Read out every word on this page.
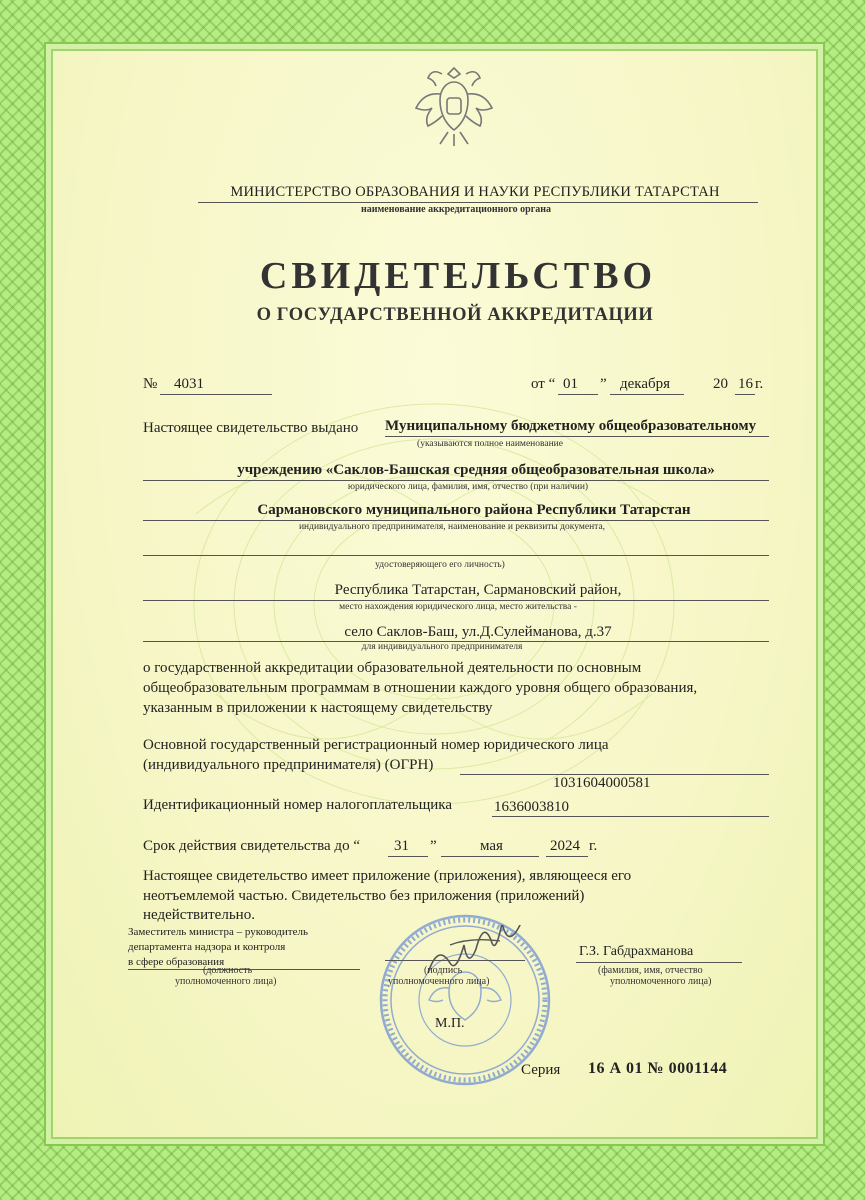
МИНИСТЕРСТВО ОБРАЗОВАНИЯ И НАУКИ РЕСПУБЛИКИ ТАТАРСТАН
наименование аккредитационного органа
СВИДЕТЕЛЬСТВО
О ГОСУДАРСТВЕННОЙ АККРЕДИТАЦИИ
№ 4031	от “ 01 ” декабря	20 16 г.
Настоящее свидетельство выдано Муниципальному бюджетному общеобразовательному
(указываются полное наименование
учреждению «Саклов-Башская средняя общеобразовательная школа»
юридического лица, фамилия, имя, отчество (при наличии)
Сармановского муниципального района Республики Татарстан
индивидуального предпринимателя, наименование и реквизиты документа,
удостоверяющего его личность)
Республика Татарстан, Сармановский район,
место нахождения юридического лица, место жительства -
село Саклов-Баш, ул.Д.Сулейманова, д.37
для индивидуального предпринимателя
о государственной аккредитации образовательной деятельности по основным
общеобразовательным программам в отношении каждого уровня общего образования,
указанным в приложении к настоящему свидетельству
Основной государственный регистрационный номер юридического лица
(индивидуального предпринимателя) (ОГРН)
1031604000581
Идентификационный номер налогоплательщика	1636003810
Срок действия свидетельства до “ 31 ”	мая	2024 г.
Настоящее свидетельство имеет приложение (приложения), являющееся его
неотъемлемой частью. Свидетельство без приложения (приложений)
недействительно.
Заместитель министра – руководитель
департамента надзора и контроля
в сфере образования
(должность
уполномоченного лица)
(подпись
уполномоченного лица)
Г.З. Габдрахманова
(фамилия, имя, отчество
уполномоченного лица)
М.П.
Серия 16 А 01 № 0001144
